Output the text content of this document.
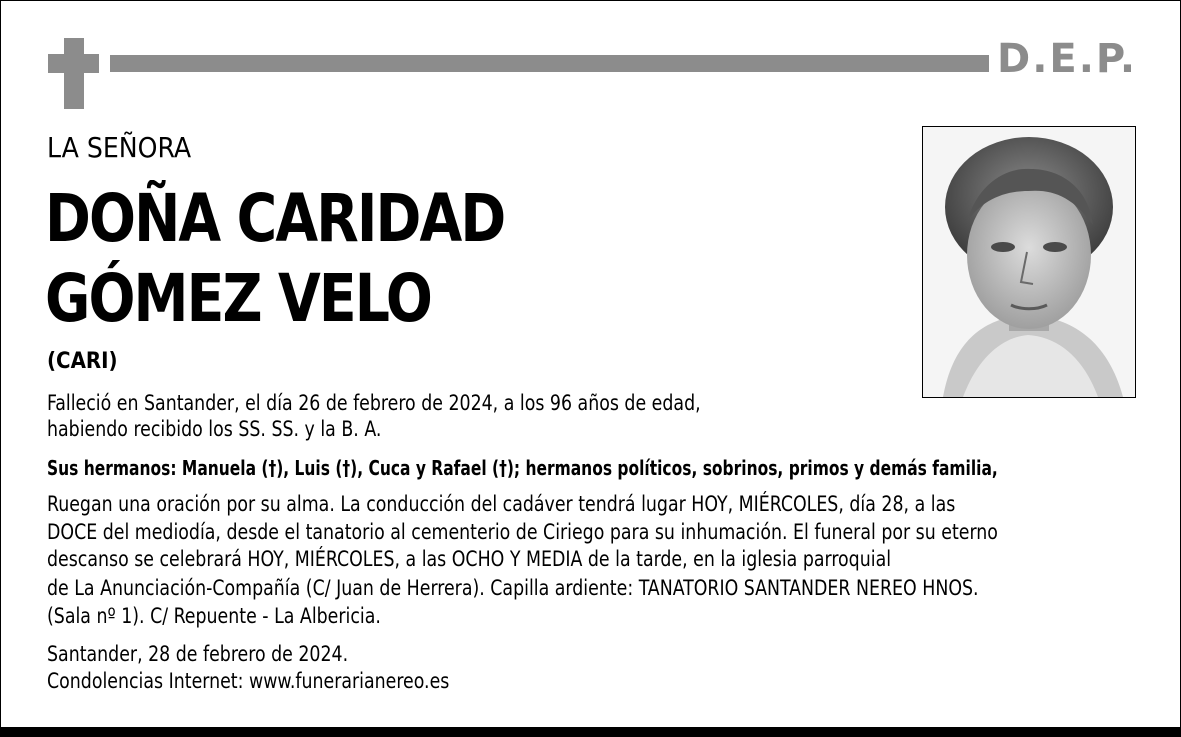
D.E.P.
LA SEÑORA
DOÑA CARIDAD
GÓMEZ VELO
(CARI)
Falleció en Santander, el día 26 de febrero de 2024, a los 96 años de edad,
habiendo recibido los SS. SS. y la B. A.
Sus hermanos: Manuela (†), Luis (†), Cuca y Rafael (†); hermanos políticos, sobrinos, primos y demás familia,
Ruegan una oración por su alma. La conducción del cadáver tendrá lugar HOY, MIÉRCOLES, día 28, a las
DOCE del mediodía, desde el tanatorio al cementerio de Ciriego para su inhumación. El funeral por su eterno
descanso se celebrará HOY, MIÉRCOLES, a las OCHO Y MEDIA de la tarde, en la iglesia parroquial
de La Anunciación-Compañía (C/ Juan de Herrera). Capilla ardiente: TANATORIO SANTANDER NEREO HNOS.
(Sala nº 1). C/ Repuente - La Albericia.
Santander, 28 de febrero de 2024.
Condolencias Internet: www.funerarianereo.es
